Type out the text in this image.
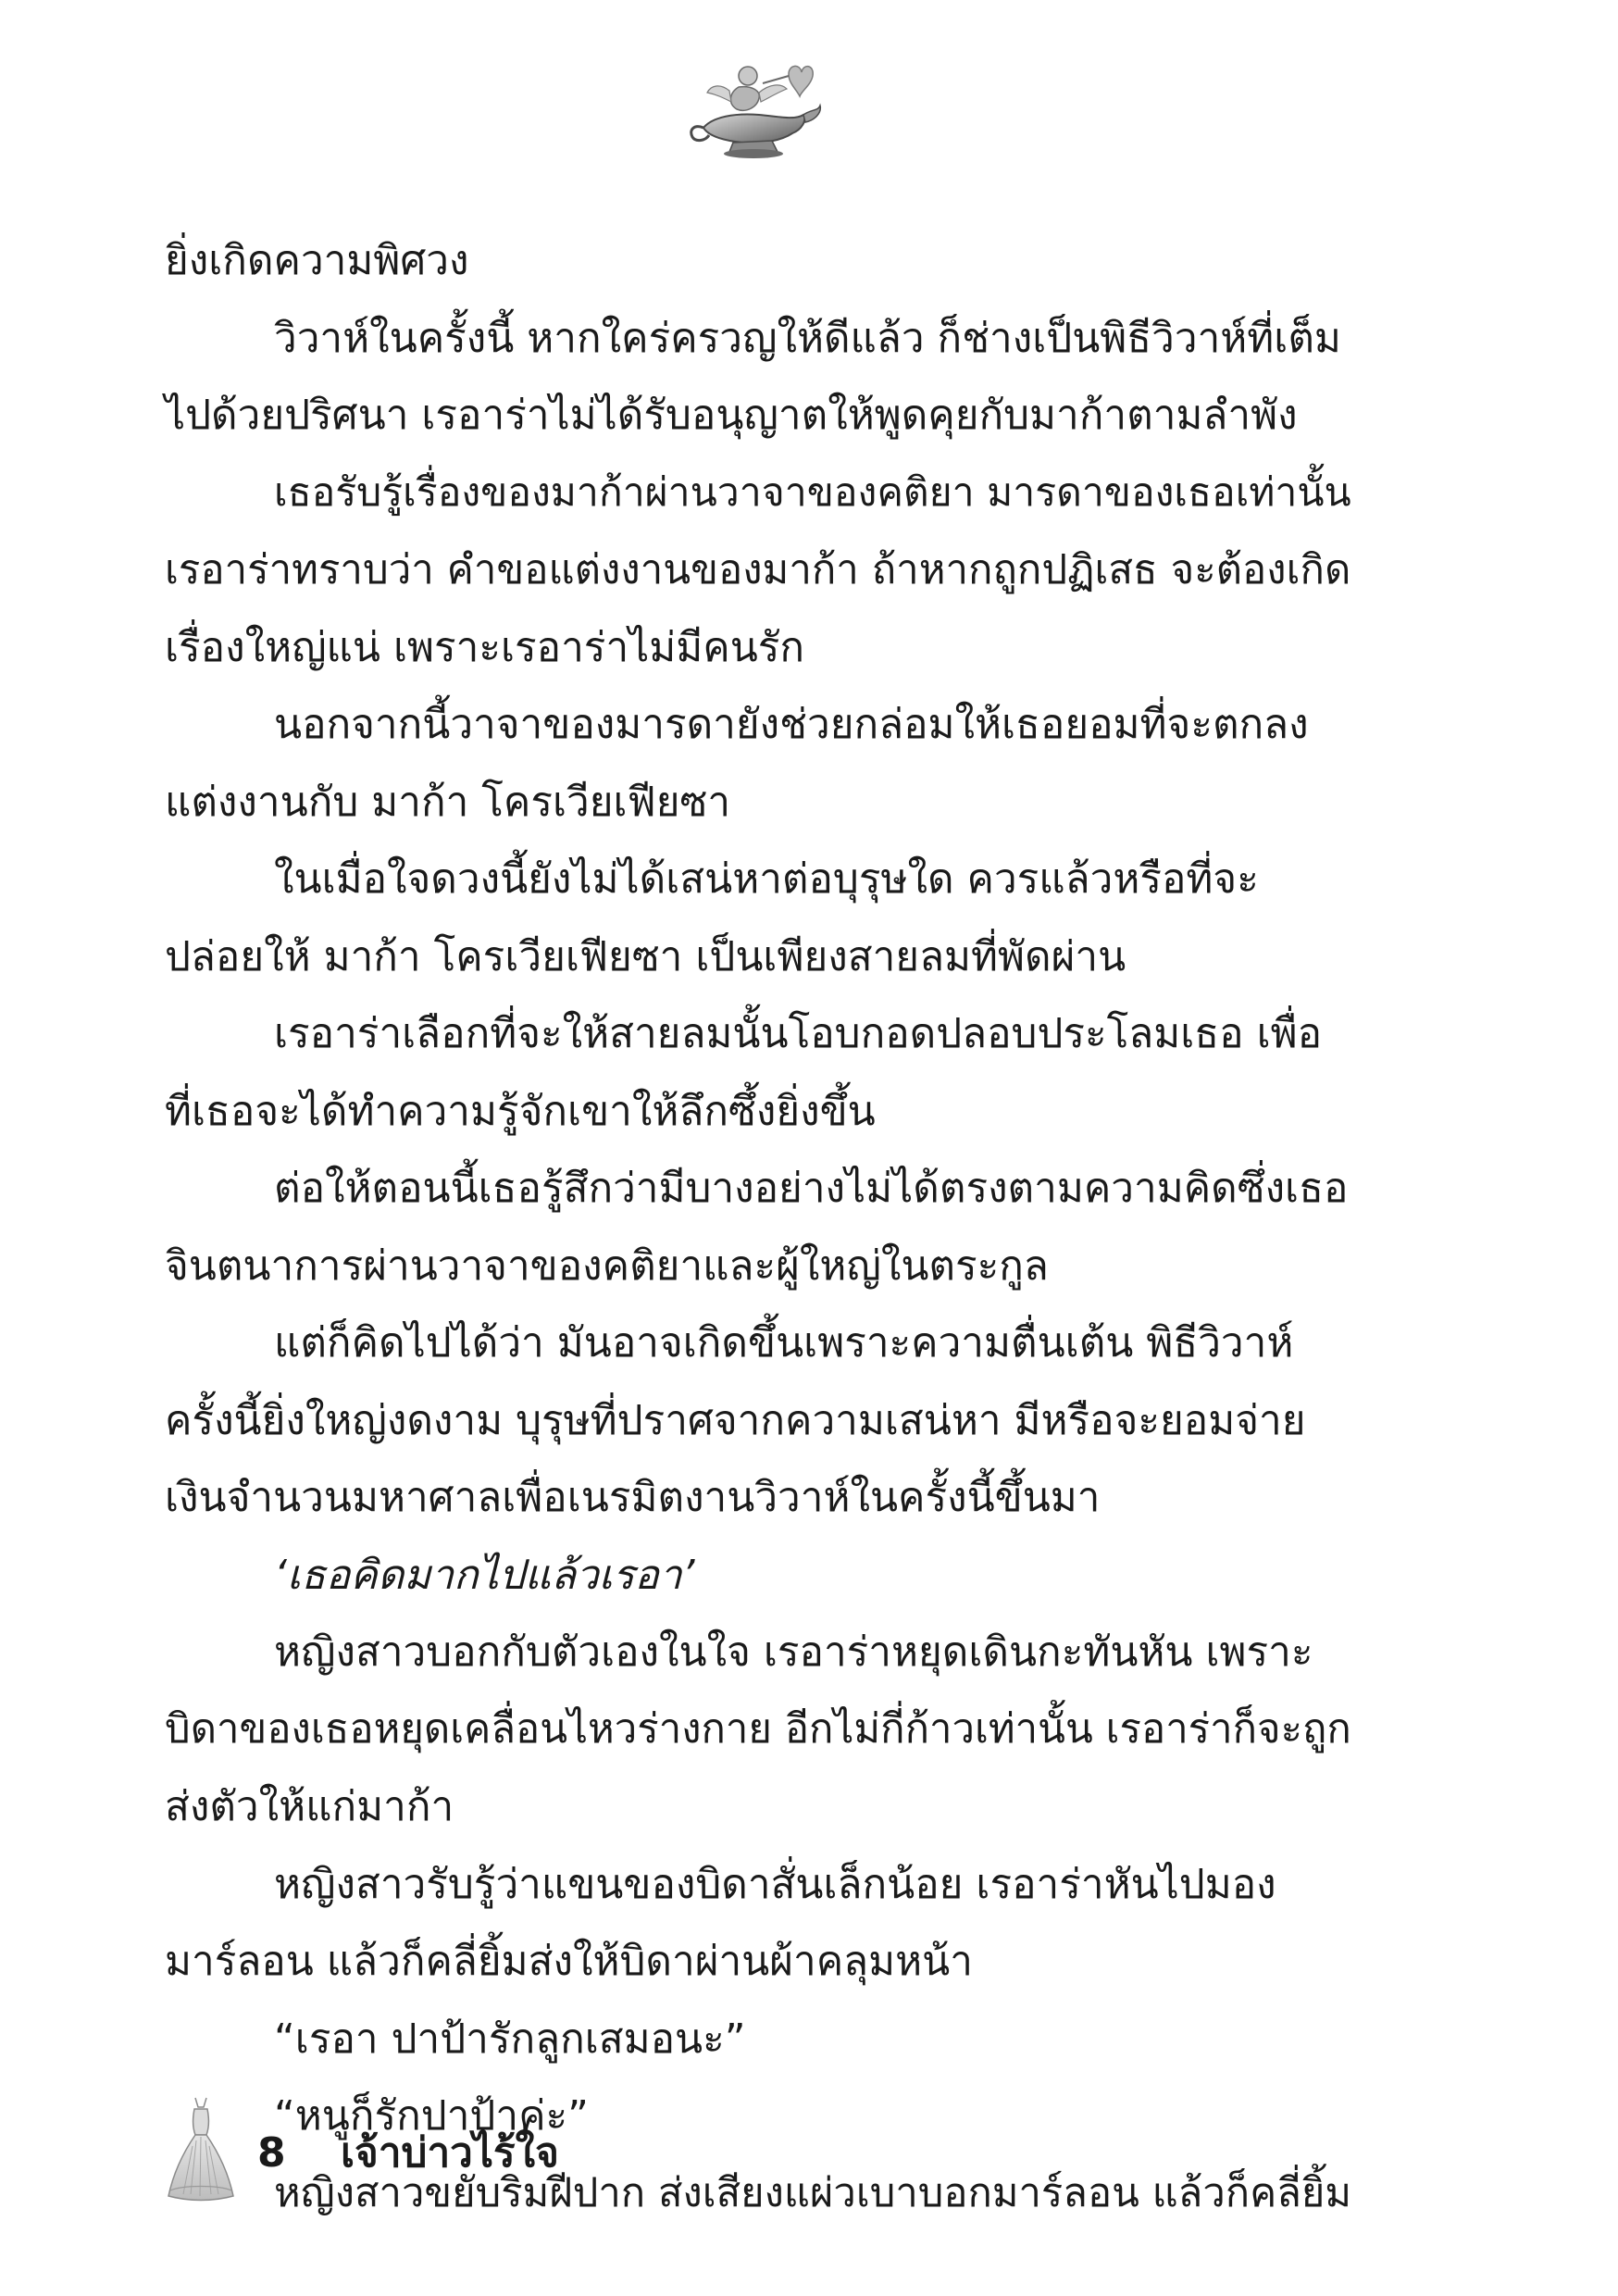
ยิ่งเกิดความพิศวง
วิวาห์ในครั้งนี้ หากใคร่ครวญให้ดีแล้ว ก็ช่างเป็นพิธีวิวาห์ที่เต็ม
ไปด้วยปริศนา เรอาร่าไม่ได้รับอนุญาตให้พูดคุยกับมาก้าตามลำพัง
เธอรับรู้เรื่องของมาก้าผ่านวาจาของคติยา มารดาของเธอเท่านั้น
เรอาร่าทราบว่า คำขอแต่งงานของมาก้า ถ้าหากถูกปฏิเสธ จะต้องเกิด
เรื่องใหญ่แน่ เพราะเรอาร่าไม่มีคนรัก
นอกจากนี้วาจาของมารดายังช่วยกล่อมให้เธอยอมที่จะตกลง
แต่งงานกับ มาก้า โครเวียเฟียซา
ในเมื่อใจดวงนี้ยังไม่ได้เสน่หาต่อบุรุษใด ควรแล้วหรือที่จะ
ปล่อยให้ มาก้า โครเวียเฟียซา เป็นเพียงสายลมที่พัดผ่าน
เรอาร่าเลือกที่จะให้สายลมนั้นโอบกอดปลอบประโลมเธอ เพื่อ
ที่เธอจะได้ทำความรู้จักเขาให้ลึกซึ้งยิ่งขึ้น
ต่อให้ตอนนี้เธอรู้สึกว่ามีบางอย่างไม่ได้ตรงตามความคิดซึ่งเธอ
จินตนาการผ่านวาจาของคติยาและผู้ใหญ่ในตระกูล
แต่ก็คิดไปได้ว่า มันอาจเกิดขึ้นเพราะความตื่นเต้น พิธีวิวาห์
ครั้งนี้ยิ่งใหญ่งดงาม บุรุษที่ปราศจากความเสน่หา มีหรือจะยอมจ่าย
เงินจำนวนมหาศาลเพื่อเนรมิตงานวิวาห์ในครั้งนี้ขึ้นมา
‘เธอคิดมากไปแล้วเรอา’
หญิงสาวบอกกับตัวเองในใจ เรอาร่าหยุดเดินกะทันหัน เพราะ
บิดาของเธอหยุดเคลื่อนไหวร่างกาย อีกไม่กี่ก้าวเท่านั้น เรอาร่าก็จะถูก
ส่งตัวให้แก่มาก้า
หญิงสาวรับรู้ว่าแขนของบิดาสั่นเล็กน้อย เรอาร่าหันไปมอง
มาร์ลอน แล้วก็คลี่ยิ้มส่งให้บิดาผ่านผ้าคลุมหน้า
“เรอา ปาป้ารักลูกเสมอนะ”
“หนูก็รักปาป้าค่ะ”
หญิงสาวขยับริมฝีปาก ส่งเสียงแผ่วเบาบอกมาร์ลอน แล้วก็คลี่ยิ้ม
8 เจ้าบ่าวไร้ใจ
